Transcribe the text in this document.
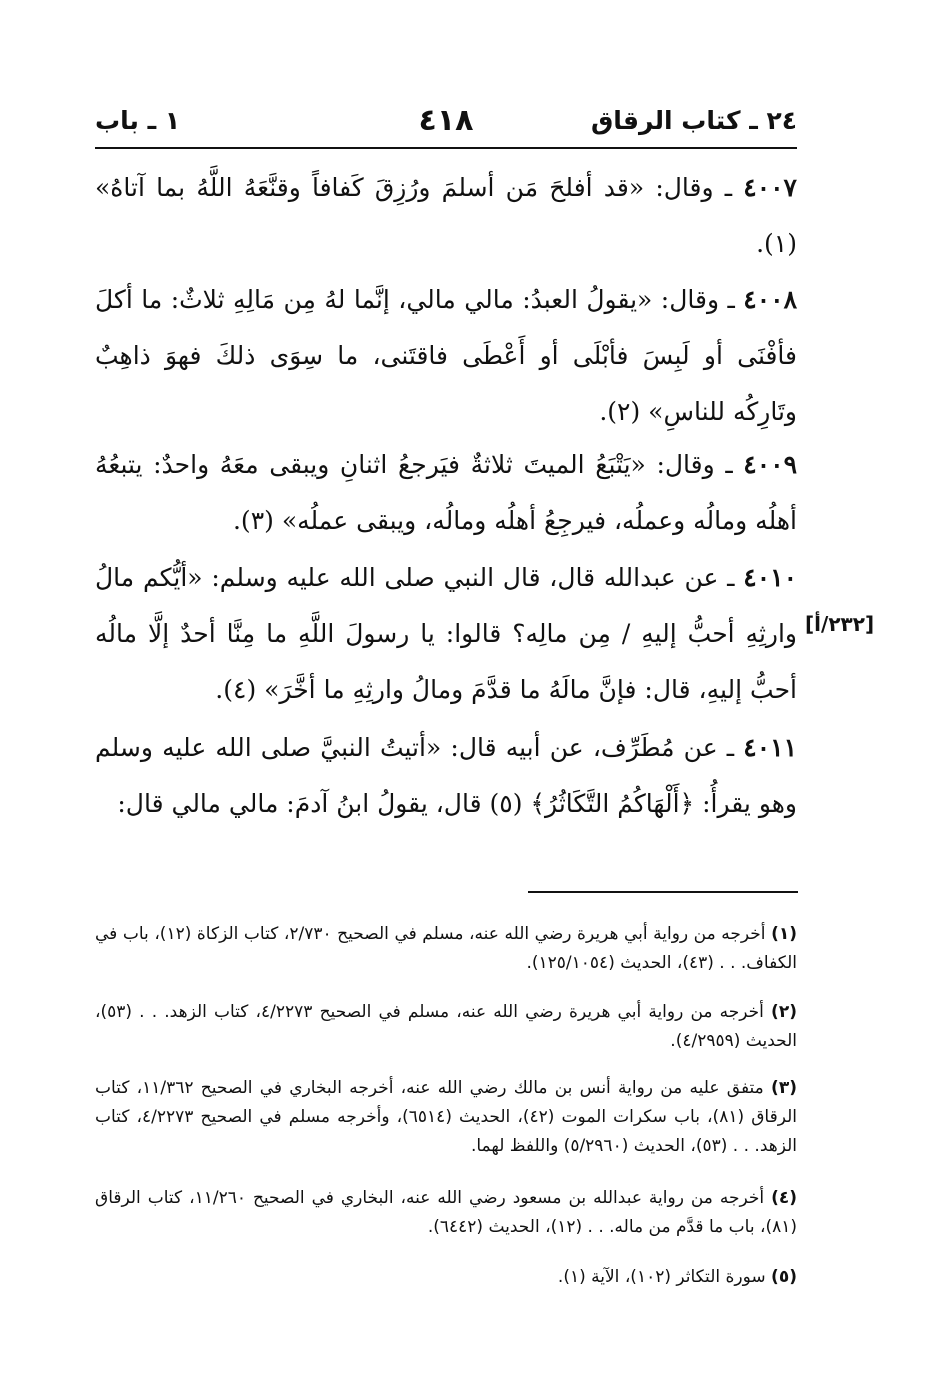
٢٤ ـ كتاب الرقاق
٤١٨
١ ـ باب
٤٠٠٧ ـ وقال: «قد أفلحَ مَن أسلمَ ورُزِقَ كَفافاً وقنَّعَهُ اللَّهُ بما آتاهُ» (١).
٤٠٠٨ ـ وقال: «يقولُ العبدُ: مالي مالي، إنَّما لهُ مِن مَالِهِ ثلاثٌ: ما أكلَ فأفْنَى أو لَبِسَ فأبْلَى أو أَعْطَى فاقتَنى، ما سِوَى ذلكَ فهوَ ذاهِبٌ وتَارِكُه للناسِ» (٢).
٤٠٠٩ ـ وقال: «يَتْبَعُ الميتَ ثلاثةٌ فيَرجعُ اثنانِ ويبقى معَهُ واحدٌ: يتبعُهُ أهلُه ومالُه وعملُه، فيرجِعُ أهلُه ومالُه، ويبقى عملُه» (٣).
٤٠١٠ ـ عن عبدالله قال، قال النبي صلى الله عليه وسلم: «أيُّكم مالُ وارثِهِ أحبُّ إليهِ / مِن مالِه؟ قالوا: يا رسولَ اللَّهِ ما مِنَّا أحدٌ إلَّا مالُه أحبُّ إليهِ، قال: فإنَّ مالَهُ ما قدَّمَ ومالُ وارثِهِ ما أخَّرَ» (٤).
[٢٣٢/أ]
٤٠١١ ـ عن مُطَرِّف، عن أبيه قال: «أتيتُ النبيَّ صلى الله عليه وسلم وهو يقرأُ: ﴿أَلْهَاكُمُ التَّكَاثُرُ﴾ (٥) قال، يقولُ ابنُ آدمَ: مالي مالي قال:
(١) أخرجه من رواية أبي هريرة رضي الله عنه، مسلم في الصحيح ٢/٧٣٠، كتاب الزكاة (١٢)، باب في الكفاف. . . (٤٣)، الحديث (١٢٥/١٠٥٤).
(٢) أخرجه من رواية أبي هريرة رضي الله عنه، مسلم في الصحيح ٤/٢٢٧٣، كتاب الزهد. . . (٥٣)، الحديث (٤/٢٩٥٩).
(٣) متفق عليه من رواية أنس بن مالك رضي الله عنه، أخرجه البخاري في الصحيح ١١/٣٦٢، كتاب الرقاق (٨١)، باب سكرات الموت (٤٢)، الحديث (٦٥١٤)، وأخرجه مسلم في الصحيح ٤/٢٢٧٣، كتاب الزهد. . . (٥٣)، الحديث (٥/٢٩٦٠) واللفظ لهما.
(٤) أخرجه من رواية عبدالله بن مسعود رضي الله عنه، البخاري في الصحيح ١١/٢٦٠، كتاب الرقاق (٨١)، باب ما قدَّم من ماله. . . (١٢)، الحديث (٦٤٤٢).
(٥) سورة التكاثر (١٠٢)، الآية (١).
